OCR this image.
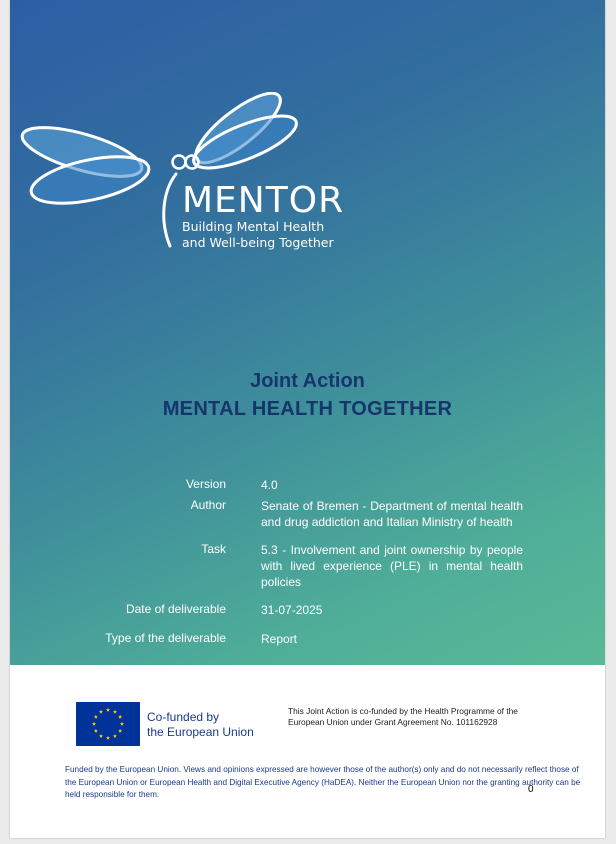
MENTOR
Building Mental Health
and Well-being Together
Joint Action
MENTAL HEALTH TOGETHER
Version	4.0
Author	Senate of Bremen - Department of mental health and drug addiction and Italian Ministry of health
Task	5.3 - Involvement and joint ownership by people with lived experience (PLE) in mental health policies
Date of deliverable	31-07-2025
Type of the deliverable	Report
Co-funded by
the European Union
This Joint Action is co-funded by the Health Programme of the European Union under Grant Agreement No. 101162928
Funded by the European Union. Views and opinions expressed are however those of the author(s) only and do not necessarily reflect those of the European Union or European Health and Digital Executive Agency (HaDEA). Neither the European Union nor the granting authority can be held responsible for them.	0
